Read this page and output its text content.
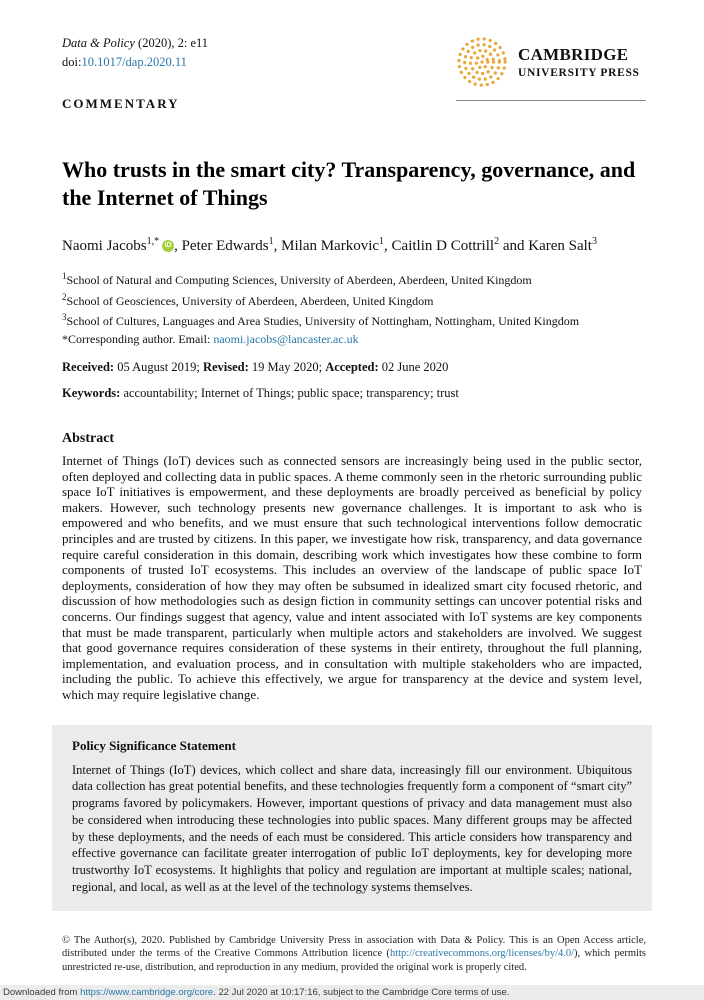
Data & Policy (2020), 2: e11
doi:10.1017/dap.2020.11
COMMENTARY
CAMBRIDGE
UNIVERSITY PRESS
Who trusts in the smart city? Transparency, governance, and the Internet of Things

Naomi Jacobs$^{1,*}$ iD , Peter Edwards$^1$, Milan Markovic$^1$, Caitlin D Cottrill$^2$ and Karen Salt$^3$

$^1$School of Natural and Computing Sciences, University of Aberdeen, Aberdeen, United Kingdom
$^2$School of Geosciences, University of Aberdeen, Aberdeen, United Kingdom
$^3$School of Cultures, Languages and Area Studies, University of Nottingham, Nottingham, United Kingdom
*Corresponding author. Email: naomi.jacobs@lancaster.ac.uk

Received: 05 August 2019; Revised: 19 May 2020; Accepted: 02 June 2020

Keywords: accountability; Internet of Things; public space; transparency; trust

Abstract

Internet of Things (IoT) devices such as connected sensors are increasingly being used in the public sector, often deployed and collecting data in public spaces. A theme commonly seen in the rhetoric surrounding public space IoT initiatives is empowerment, and these deployments are broadly perceived as beneficial by policy makers. However, such technology presents new governance challenges. It is important to ask who is empowered and who benefits, and we must ensure that such technological interventions follow democratic principles and are trusted by citizens. In this paper, we investigate how risk, transparency, and data governance require careful consideration in this domain, describing work which investigates how these combine to form components of trusted IoT ecosystems. This includes an overview of the landscape of public space IoT deployments, consideration of how they may often be subsumed in idealized smart city focused rhetoric, and discussion of how methodologies such as design fiction in community settings can uncover potential risks and concerns. Our findings suggest that agency, value and intent associated with IoT systems are key components that must be made transparent, particularly when multiple actors and stakeholders are involved. We suggest that good governance requires consideration of these systems in their entirety, throughout the full planning, implementation, and evaluation process, and in consultation with multiple stakeholders who are impacted, including the public. To achieve this effectively, we argue for transparency at the device and system level, which may require legislative change.

Policy Significance Statement
Internet of Things (IoT) devices, which collect and share data, increasingly fill our environment. Ubiquitous data collection has great potential benefits, and these technologies frequently form a component of “smart city” programs favored by policymakers. However, important questions of privacy and data management must also be considered when introducing these technologies into public spaces. Many different groups may be affected by these deployments, and the needs of each must be considered. This article considers how transparency and effective governance can facilitate greater interrogation of public IoT deployments, key for developing more trustworthy IoT ecosystems. It highlights that policy and regulation are important at multiple scales; national, regional, and local, as well as at the level of the technology systems themselves.
© The Author(s), 2020. Published by Cambridge University Press in association with Data & Policy. This is an Open Access article, distributed under the terms of the Creative Commons Attribution licence (http://creativecommons.org/licenses/by/4.0/), which permits unrestricted re-use, distribution, and reproduction in any medium, provided the original work is properly cited.
Downloaded from https://www.cambridge.org/core. 22 Jul 2020 at 10:17:16, subject to the Cambridge Core terms of use.
